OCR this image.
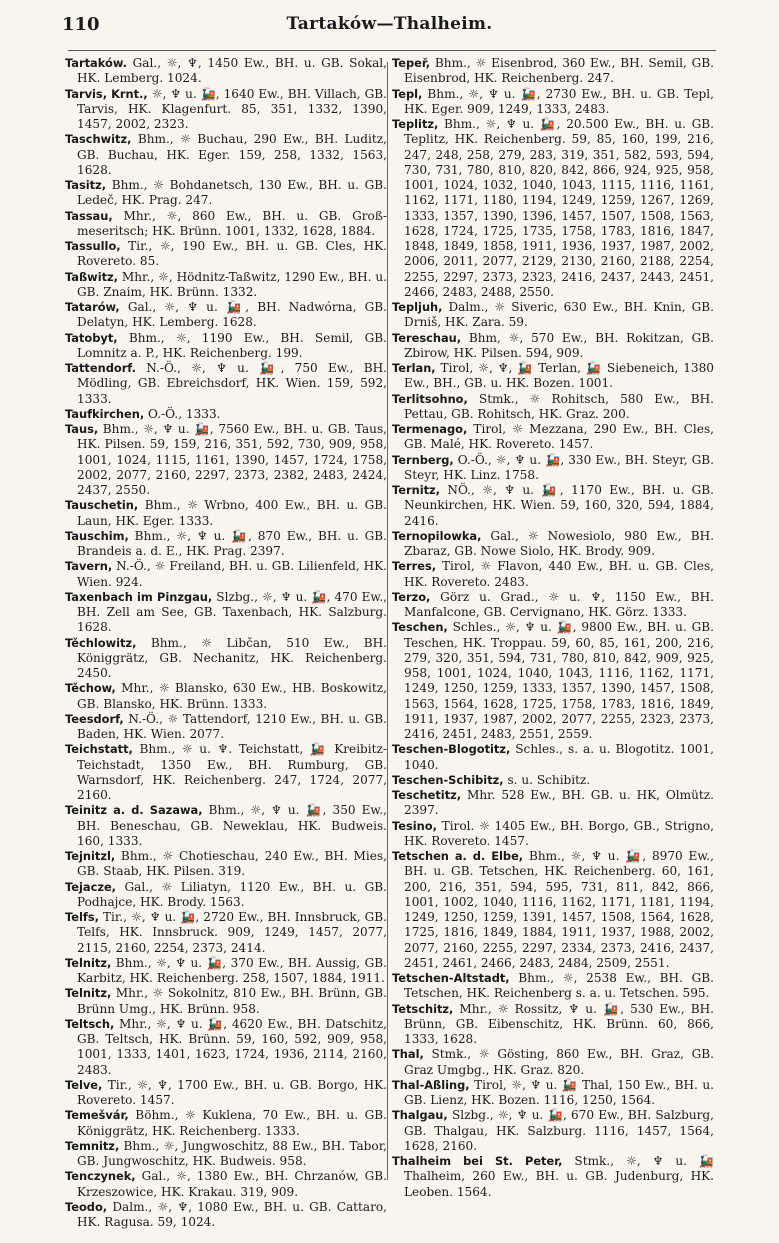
110	Tartaków—Thalheim.

Tartaków. Gal., ☼, ♆, 1450 Ew., BH. u. GB. Sokal, HK. Lemberg. 1024.

Tarvis, Krnt., ☼, ♆ u. 🚂, 1640 Ew., BH. Villach, GB. Tarvis, HK. Klagenfurt. 85, 351, 1332, 1390, 1457, 2002, 2323.

Taschwitz, Bhm., ☼ Buchau, 290 Ew., BH. Luditz, GB. Buchau, HK. Eger. 159, 258, 1332, 1563, 1628.

Tasitz, Bhm., ☼ Bohdanetsch, 130 Ew., BH. u. GB. Ledeč, HK. Prag. 247.

Tassau, Mhr., ☼, 860 Ew., BH. u. GB. Groß-meseritsch; HK. Brünn. 1001, 1332, 1628, 1884.

Tassullo, Tir., ☼, 190 Ew., BH. u. GB. Cles, HK. Rovereto. 85.

Taßwitz, Mhr., ☼, Hödnitz-Taßwitz, 1290 Ew., BH. u. GB. Znaim, HK. Brünn. 1332.

Tatarów, Gal., ☼, ♆ u. 🚂, BH. Nadwórna, GB. Delatyn, HK. Lemberg. 1628.

Tatobyt, Bhm., ☼, 1190 Ew., BH. Semil, GB. Lomnitz a. P., HK. Reichenberg. 199.

Tattendorf. N.-Ö., ☼, ♆ u. 🚂, 750 Ew., BH. Mödling, GB. Ebreichsdorf, HK. Wien. 159, 592, 1333.

Taufkirchen, O.-Ö., 1333.

Taus, Bhm., ☼, ♆ u. 🚂, 7560 Ew., BH. u. GB. Taus, HK. Pilsen. 59, 159, 216, 351, 592, 730, 909, 958, 1001, 1024, 1115, 1161, 1390, 1457, 1724, 1758, 2002, 2077, 2160, 2297, 2373, 2382, 2483, 2424, 2437, 2550.

Tauschetin, Bhm., ☼ Wrbno, 400 Ew., BH. u. GB. Laun, HK. Eger. 1333.

Tauschim, Bhm., ☼, ♆ u. 🚂, 870 Ew., BH. u. GB. Brandeis a. d. E., HK. Prag. 2397.

Tavern, N.-Ö., ☼ Freiland, BH. u. GB. Lilienfeld, HK. Wien. 924.

Taxenbach im Pinzgau, Slzbg., ☼, ♆ u. 🚂, 470 Ew., BH. Zell am See, GB. Taxenbach, HK. Salzburg. 1628.

Těchlowitz, Bhm., ☼ Libčan, 510 Ew., BH. Königgrätz, GB. Nechanitz, HK. Reichenberg. 2450.

Těchow, Mhr., ☼ Blansko, 630 Ew., HB. Boskowitz, GB. Blansko, HK. Brünn. 1333.

Teesdorf, N.-Ö., ☼ Tattendorf, 1210 Ew., BH. u. GB. Baden, HK. Wien. 2077.

Teichstatt, Bhm., ☼ u. ♆. Teichstatt, 🚂 Kreibitz-Teichstadt, 1350 Ew., BH. Rumburg, GB. Warnsdorf, HK. Reichenberg. 247, 1724, 2077, 2160.

Teinitz a. d. Sazawa, Bhm., ☼, ♆ u. 🚂, 350 Ew., BH. Beneschau, GB. Neweklau, HK. Budweis. 160, 1333.

Tejnitzl, Bhm., ☼ Chotieschau, 240 Ew., BH. Mies, GB. Staab, HK. Pilsen. 319.

Tejacze, Gal., ☼ Liliatyn, 1120 Ew., BH. u. GB. Podhajce, HK. Brody. 1563.

Telfs, Tir., ☼, ♆ u. 🚂, 2720 Ew., BH. Innsbruck, GB. Telfs, HK. Innsbruck. 909, 1249, 1457, 2077, 2115, 2160, 2254, 2373, 2414.

Telnitz, Bhm., ☼, ♆ u. 🚂, 370 Ew., BH. Aussig, GB. Karbitz, HK. Reichenberg. 258, 1507, 1884, 1911.

Telnitz, Mhr., ☼ Sokolnitz, 810 Ew., BH. Brünn, GB. Brünn Umg., HK. Brünn. 958.

Teltsch, Mhr., ☼, ♆ u. 🚂, 4620 Ew., BH. Datschitz, GB. Teltsch, HK. Brünn. 59, 160, 592, 909, 958, 1001, 1333, 1401, 1623, 1724, 1936, 2114, 2160, 2483.

Telve, Tir., ☼, ♆, 1700 Ew., BH. u. GB. Borgo, HK. Rovereto. 1457.

Temešvár, Böhm., ☼ Kuklena, 70 Ew., BH. u. GB. Königgrätz, HK. Reichenberg. 1333.

Temnitz, Bhm., ☼, Jungwoschitz, 88 Ew., BH. Tabor, GB. Jungwoschitz, HK. Budweis. 958.

Tenczynek, Gal., ☼, 1380 Ew., BH. Chrzanów, GB. Krzeszowice, HK. Krakau. 319, 909.

Teodo, Dalm., ☼, ♆, 1080 Ew., BH. u. GB. Cattaro, HK. Ragusa. 59, 1024.

Tepeř, Bhm., ☼ Eisenbrod, 360 Ew., BH. Semil, GB. Eisenbrod, HK. Reichenberg. 247.

Tepl, Bhm., ☼, ♆ u. 🚂, 2730 Ew., BH. u. GB. Tepl, HK. Eger. 909, 1249, 1333, 2483.

Teplitz, Bhm., ☼, ♆ u. 🚂, 20.500 Ew., BH. u. GB. Teplitz, HK. Reichenberg. 59, 85, 160, 199, 216, 247, 248, 258, 279, 283, 319, 351, 582, 593, 594, 730, 731, 780, 810, 820, 842, 866, 924, 925, 958, 1001, 1024, 1032, 1040, 1043, 1115, 1116, 1161, 1162, 1171, 1180, 1194, 1249, 1259, 1267, 1269, 1333, 1357, 1390, 1396, 1457, 1507, 1508, 1563, 1628, 1724, 1725, 1735, 1758, 1783, 1816, 1847, 1848, 1849, 1858, 1911, 1936, 1937, 1987, 2002, 2006, 2011, 2077, 2129, 2130, 2160, 2188, 2254, 2255, 2297, 2373, 2323, 2416, 2437, 2443, 2451, 2466, 2483, 2488, 2550.

Tepljuh, Dalm., ☼ Siveric, 630 Ew., BH. Knin, GB. Drniš, HK. Zara. 59.

Tereschau, Bhm, ☼, 570 Ew., BH. Rokitzan, GB. Zbirow, HK. Pilsen. 594, 909.

Terlan, Tirol, ☼, ♆, 🚂 Terlan, 🚂 Siebeneich, 1380 Ew., BH., GB. u. HK. Bozen. 1001.

Terlitsohno, Stmk., ☼ Rohitsch, 580 Ew., BH. Pettau, GB. Rohitsch, HK. Graz. 200.

Termenago, Tirol, ☼ Mezzana, 290 Ew., BH. Cles, GB. Malé, HK. Rovereto. 1457.

Ternberg, O.-Ö., ☼, ♆ u. 🚂, 330 Ew., BH. Steyr, GB. Steyr, HK. Linz. 1758.

Ternitz, NÖ., ☼, ♆ u. 🚂, 1170 Ew., BH. u. GB. Neunkirchen, HK. Wien. 59, 160, 320, 594, 1884, 2416.

Ternopilowka, Gal., ☼ Nowesiolo, 980 Ew., BH. Zbaraz, GB. Nowe Siolo, HK. Brody. 909.

Terres, Tirol, ☼ Flavon, 440 Ew., BH. u. GB. Cles, HK. Rovereto. 2483.

Terzo, Görz u. Grad., ☼ u. ♆, 1150 Ew., BH. Manfalcone, GB. Cervignano, HK. Görz. 1333.

Teschen, Schles., ☼, ♆ u. 🚂, 9800 Ew., BH. u. GB. Teschen, HK. Troppau. 59, 60, 85, 161, 200, 216, 279, 320, 351, 594, 731, 780, 810, 842, 909, 925, 958, 1001, 1024, 1040, 1043, 1116, 1162, 1171, 1249, 1250, 1259, 1333, 1357, 1390, 1457, 1508, 1563, 1564, 1628, 1725, 1758, 1783, 1816, 1849, 1911, 1937, 1987, 2002, 2077, 2255, 2323, 2373, 2416, 2451, 2483, 2551, 2559.

Teschen-Blogotitz, Schles., s. a. u. Blogotitz. 1001, 1040.

Teschen-Schibitz, s. u. Schibitz.

Teschetitz, Mhr. 528 Ew., BH. GB. u. HK, Olmütz. 2397.

Tesino, Tirol. ☼ 1405 Ew., BH. Borgo, GB., Strigno, HK. Rovereto. 1457.

Tetschen a. d. Elbe, Bhm., ☼, ♆ u. 🚂, 8970 Ew., BH. u. GB. Tetschen, HK. Reichenberg. 60, 161, 200, 216, 351, 594, 595, 731, 811, 842, 866, 1001, 1002, 1040, 1116, 1162, 1171, 1181, 1194, 1249, 1250, 1259, 1391, 1457, 1508, 1564, 1628, 1725, 1816, 1849, 1884, 1911, 1937, 1988, 2002, 2077, 2160, 2255, 2297, 2334, 2373, 2416, 2437, 2451, 2461, 2466, 2483, 2484, 2509, 2551.

Tetschen-Altstadt, Bhm., ☼, 2538 Ew., BH. GB. Tetschen, HK. Reichenberg s. a. u. Tetschen. 595.

Tetschitz, Mhr., ☼ Rossitz, ♆ u. 🚂, 530 Ew., BH. Brünn, GB. Eibenschitz, HK. Brünn. 60, 866, 1333, 1628.

Thal, Stmk., ☼ Gösting, 860 Ew., BH. Graz, GB. Graz Umgbg., HK. Graz. 820.

Thal-Aßling, Tirol, ☼, ♆ u. 🚂 Thal, 150 Ew., BH. u. GB. Lienz, HK. Bozen. 1116, 1250, 1564.

Thalgau, Slzbg., ☼, ♆ u. 🚂, 670 Ew., BH. Salzburg, GB. Thalgau, HK. Salzburg. 1116, 1457, 1564, 1628, 2160.

Thalheim bei St. Peter, Stmk., ☼, ♆ u. 🚂 Thalheim, 260 Ew., BH. u. GB. Judenburg, HK. Leoben. 1564.
